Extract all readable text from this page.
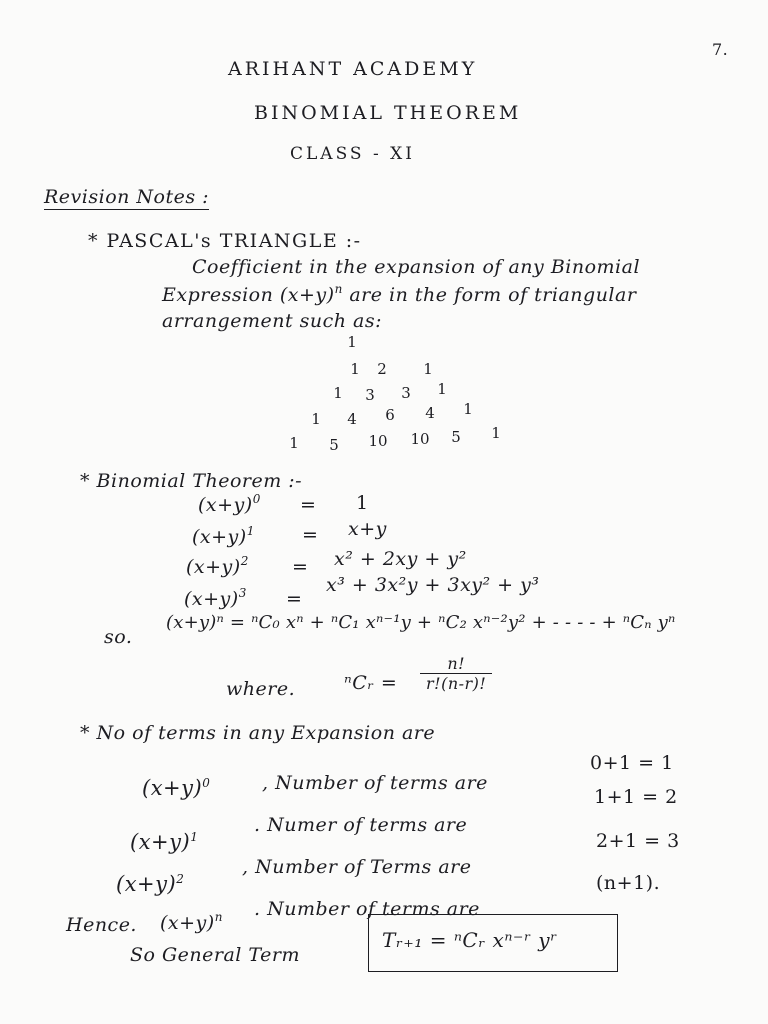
7.
ARIHANT ACADEMY
BINOMIAL THEOREM
CLASS - XI
Revision Notes :
* PASCAL's TRIANGLE :-
Coefficient in the expansion of any Binomial
Expression $(x+y)^n$ are in the form of triangular
arrangement such as:
1
1	2	1
1	3	3	1
1	4	6	4	1
1	5	10 10	5	1
* Binomial Theorem :-
$(x+y)^0 = 1$
$(x+y)^1 = x+y$
$(x+y)^2 = x^2 + 2xy + y^2$
$(x+y)^3$ =
x³ + 3x²y + 3xy² + y³
so.
(x+y)ⁿ = ⁿC₀ xⁿ + ⁿC₁ xⁿ⁻¹y + ⁿC₂ xⁿ⁻²y² + - - - - + ⁿCₙ yⁿ
where.	ⁿCᵣ = $\frac{n!}{r!(n-r)!}$
* No of terms in any Expansion are
$(x+y)^0$	, Number of terms are
0+1 = 1
$(x+y)^1$
. Numer of terms are
1+1 = 2
$(x+y)^2$
, Number of Terms are
2+1 = 3
Hence. $(x+y)^n$ . Number of terms are
(n+1).
So General Term
Tᵣ₊₁ = ⁿCᵣ xⁿ⁻ʳ yʳ
